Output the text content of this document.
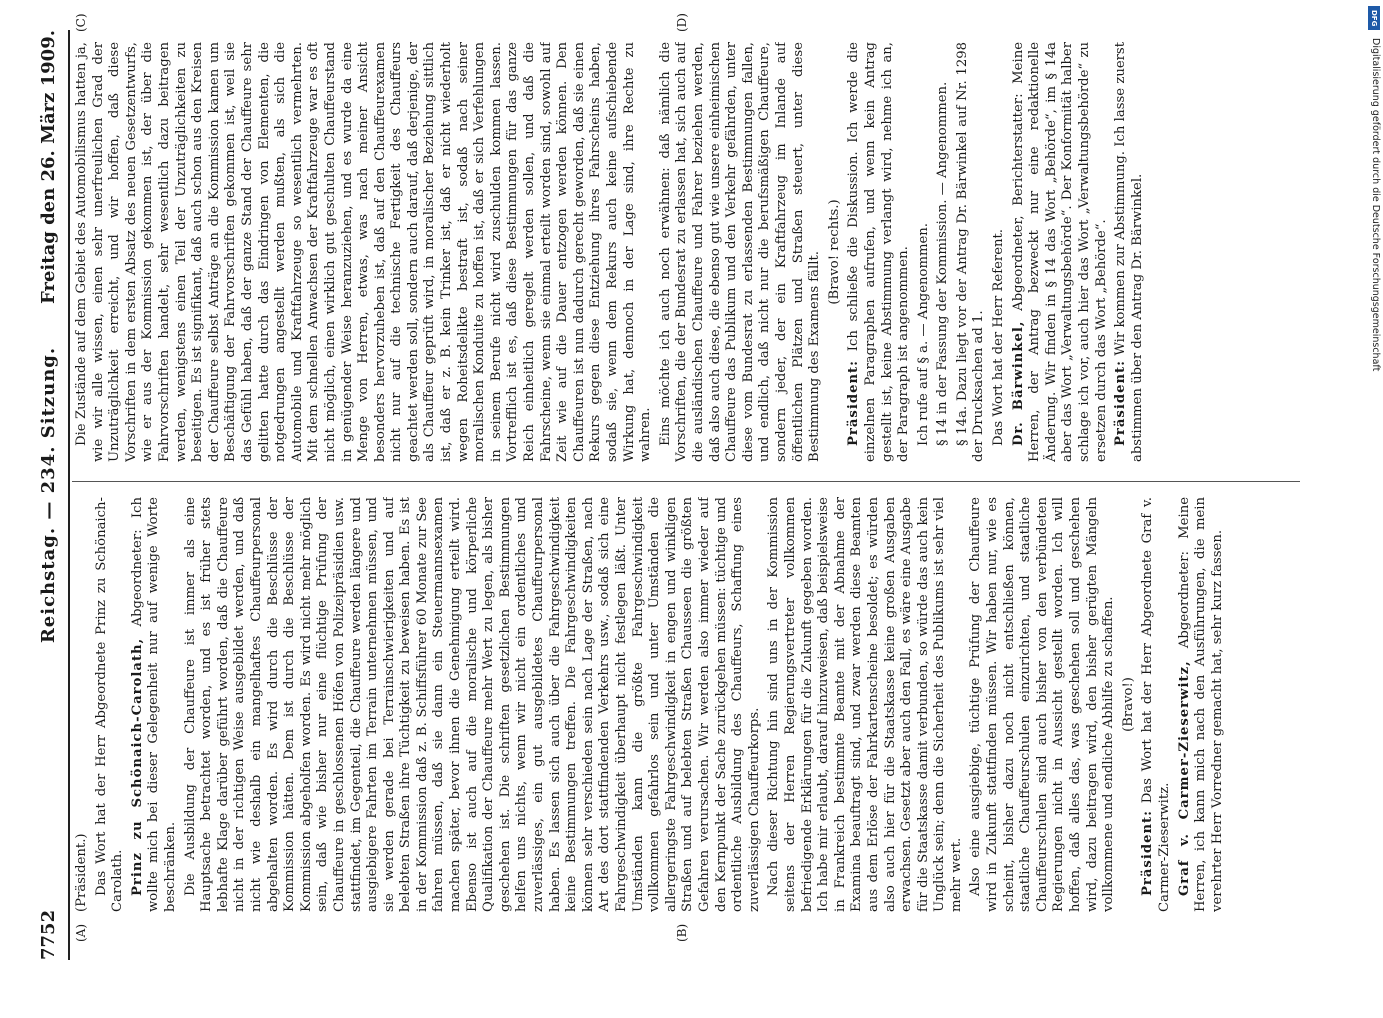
7752
Reichstag. — 234. Sitzung.
Freitag den 26. März 1909.
(A)	(B)
(C)	(D)

(Präsident.) Das Wort hat der Herr Abgeordnete Prinz zu Schönaich-Carolath. Prinz zu Schönaich-Carolath, Abgeordneter: Ich wollte mich bei dieser Gelegenheit nur auf wenige Worte beschränken. Die Ausbildung der Chauffeure ist immer als eine Hauptsache betrachtet worden, und es ist früher stets lebhafte Klage darüber geführt worden, daß die Chauffeure nicht in der richtigen Weise ausgebildet werden, und daß nicht wie deshalb ein mangelhaftes Chauffeurpersonal abgehalten worden. Es wird durch die Beschlüsse der Kommission hätten. Dem ist durch die Beschlüsse der Kommission abgeholfen worden. Es wird nicht mehr möglich sein, daß wie bisher nur eine flüchtige Prüfung der Chauffeure in geschlossenen Höfen von Polizeipräsidien usw. stattfindet, im Gegenteil, die Chauffeure werden längere und ausgiebigere Fahrten im Terrain unternehmen müssen, und sie werden gerade bei Terrainschwierigkeiten und auf belebten Straßen ihre Tüchtigkeit zu beweisen haben. Es ist in der Kommission daß z. B. Schiffsführer 60 Monate zur See fahren müssen, daß sie dann ein Steuermannsexamen machen später, bevor ihnen die Genehmigung erteilt wird. Ebenso ist auch auf die moralische und körperliche Qualifikation der Chauffeure mehr Wert zu legen, als bisher geschehen ist. Die schriften gesetzlichen Bestimmungen helfen uns nichts, wenn wir nicht ein ordentliches und zuverlässiges, ein gut ausgebildetes Chauffeurpersonal haben. Es lassen sich auch über die Fahrgeschwindigkeit keine Bestimmungen treffen. Die Fahrgeschwindigkeiten können sehr verschieden sein nach Lage der Straßen, nach Art des dort stattfindenden Verkehrs usw., sodaß sich eine Fahrgeschwindigkeit überhaupt nicht festlegen läßt. Unter Umständen kann die größte Fahrgeschwindigkeit vollkommen gefahrlos sein und unter Umständen die allergeringste Fahrgeschwindigkeit in engen und winkligen Straßen und auf belebten Straßen Chausseen die größten Gefahren verursachen. Wir werden also immer wieder auf den Kernpunkt der Sache zurückgehen müssen: tüchtige und ordentliche Ausbildung des Chauffeurs, Schaffung eines zuverlässigen Chauffeurkorps. Nach dieser Richtung hin sind uns in der Kommission seitens der Herren Regierungsvertreter vollkommen befriedigende Erklärungen für die Zukunft gegeben worden. Ich habe mir erlaubt, darauf hinzuweisen, daß beispielsweise in Frankreich bestimmte Beamte mit der Abnahme der Examina beauftragt sind, und zwar werden diese Beamten aus dem Erlöse der Fahrkartenscheine besoldet; es würden also auch hier für die Staatskasse keine großen Ausgaben erwachsen. Gesetzt aber auch den Fall, es wäre eine Ausgabe für die Staatskasse damit verbunden, so würde das auch kein Unglück sein; denn die Sicherheit des Publikums ist sehr viel mehr wert. Also eine ausgiebige, tüchtige Prüfung der Chauffeure wird in Zukunft stattfinden müssen. Wir haben nur, wie es scheint, bisher dazu noch nicht entschließen können, staatliche Chauffeurschulen einzurichten, und staatliche Chauffeurschulen sind auch bisher von den verbündeten Regierungen nicht in Aussicht gestellt worden. Ich will hoffen, daß alles das, was geschehen soll und geschehen wird, dazu beitragen wird, den bisher gerügten Mängeln vollkommene und endliche Abhilfe zu schaffen. (Bravo!)

Präsident: Das Wort hat der Herr Abgeordnete Graf v. Carmer-Zieserwitz. Graf v. Carmer-Zieserwitz, Abgeordneter: Meine Herren, ich kann mich nach den Ausführungen, die mein verehrter Herr Vorredner gemacht hat, sehr kurz fassen.

Die Zustände auf dem Gebiet des Automobilismus hatten ja, wie wir alle wissen, einen sehr unerfreulichen Grad der Unzuträglichkeit erreicht, und wir hoffen, daß diese Vorschriften in dem ersten Absatz des neuen Gesetzentwurfs, wie er aus der Kommission gekommen ist, der über die Fahrvorschriften handelt, sehr wesentlich dazu beitragen werden, wenigstens einen Teil der Unzuträglichkeiten zu beseitigen. Es ist signifikant, daß auch schon aus den Kreisen der Chauffeure selbst Anträge an die Kommission kamen um Beschäftigung der Fahrvorschriften gekommen ist, weil sie das Gefühl haben, daß der ganze Stand der Chauffeure sehr gelitten hatte durch das Eindringen von Elementen, die notgedrungen angestellt werden mußten, als sich die Automobile und Kraftfahrzeuge so wesentlich vermehrten. Mit dem schnellen Anwachsen der Kraftfahrzeuge war es oft nicht möglich, einen wirklich gut geschulten Chauffeurstand in genügender Weise heranzuziehen, und es wurde da eine Menge von Herren, etwas, was nach meiner Ansicht besonders hervorzuheben ist, daß auf den Chauffeurexamen nicht nur auf die technische Fertigkeit des Chauffeurs geachtet werden soll, sondern auch darauf, daß derjenige, der als Chauffeur geprüft wird, in moralischer Beziehung sittlich ist, daß er z. B. kein Trinker ist, daß er nicht wiederholt wegen Roheitsdelikte bestraft ist, sodaß nach seiner moralischen Konduite zu hoffen ist, daß er sich Verfehlungen in seinem Berufe nicht wird zuschulden kommen lassen. Vortrefflich ist es, daß diese Bestimmungen für das ganze Reich einheitlich geregelt werden sollen, und daß die Fahrscheine, wenn sie einmal erteilt worden sind, sowohl auf Zeit wie auf die Dauer entzogen werden können. Den Chauffeuren ist nun dadurch gerecht geworden, daß sie einen Rekurs gegen diese Entziehung ihres Fahrscheins haben, sodaß sie, wenn dem Rekurs auch keine aufschiebende Wirkung hat, dennoch in der Lage sind, ihre Rechte zu wahren. Eins möchte ich auch noch erwähnen: daß nämlich die Vorschriften, die der Bundesrat zu erlassen hat, sich auch auf die ausländischen Chauffeure und Fahrer beziehen werden, daß also auch diese, die ebenso gut wie unsere einheimischen Chauffeure das Publikum und den Verkehr gefährden, unter diese vom Bundesrat zu erlassenden Bestimmungen fallen, und endlich, daß nicht nur die berufsmäßigen Chauffeure, sondern jeder, der ein Kraftfahrzeug im Inlande auf öffentlichen Plätzen und Straßen steuert, unter diese Bestimmung des Examens fällt. (Bravo! rechts.)

Präsident: Ich schließe die Diskussion. Ich werde die einzelnen Paragraphen aufrufen, und wenn kein Antrag gestellt ist, keine Abstimmung verlangt wird, nehme ich an, der Paragraph ist angenommen. Ich rufe auf § a. — Angenommen. § 14 in der Fassung der Kommission. — Angenommen. § 14a. Dazu liegt vor der Antrag Dr. Bärwinkel auf Nr. 1298 der Drucksachen ad 1. Das Wort hat der Herr Referent. Dr. Bärwinkel, Abgeordneter, Berichterstatter: Meine Herren, der Antrag bezweckt nur eine redaktionelle Änderung. Wir finden in § 14 das Wort „Behörde“, im § 14a aber das Wort „Verwaltungsbehörde“. Der Konformität halber schlage ich vor, auch hier das Wort „Verwaltungsbehörde“ zu ersetzen durch das Wort „Behörde“. Präsident: Wir kommen zur Abstimmung. Ich lasse zuerst abstimmen über den Antrag Dr. Bärwinkel.

DFG
Digitalisierung gefördert durch die Deutsche Forschungsgemeinschaft
